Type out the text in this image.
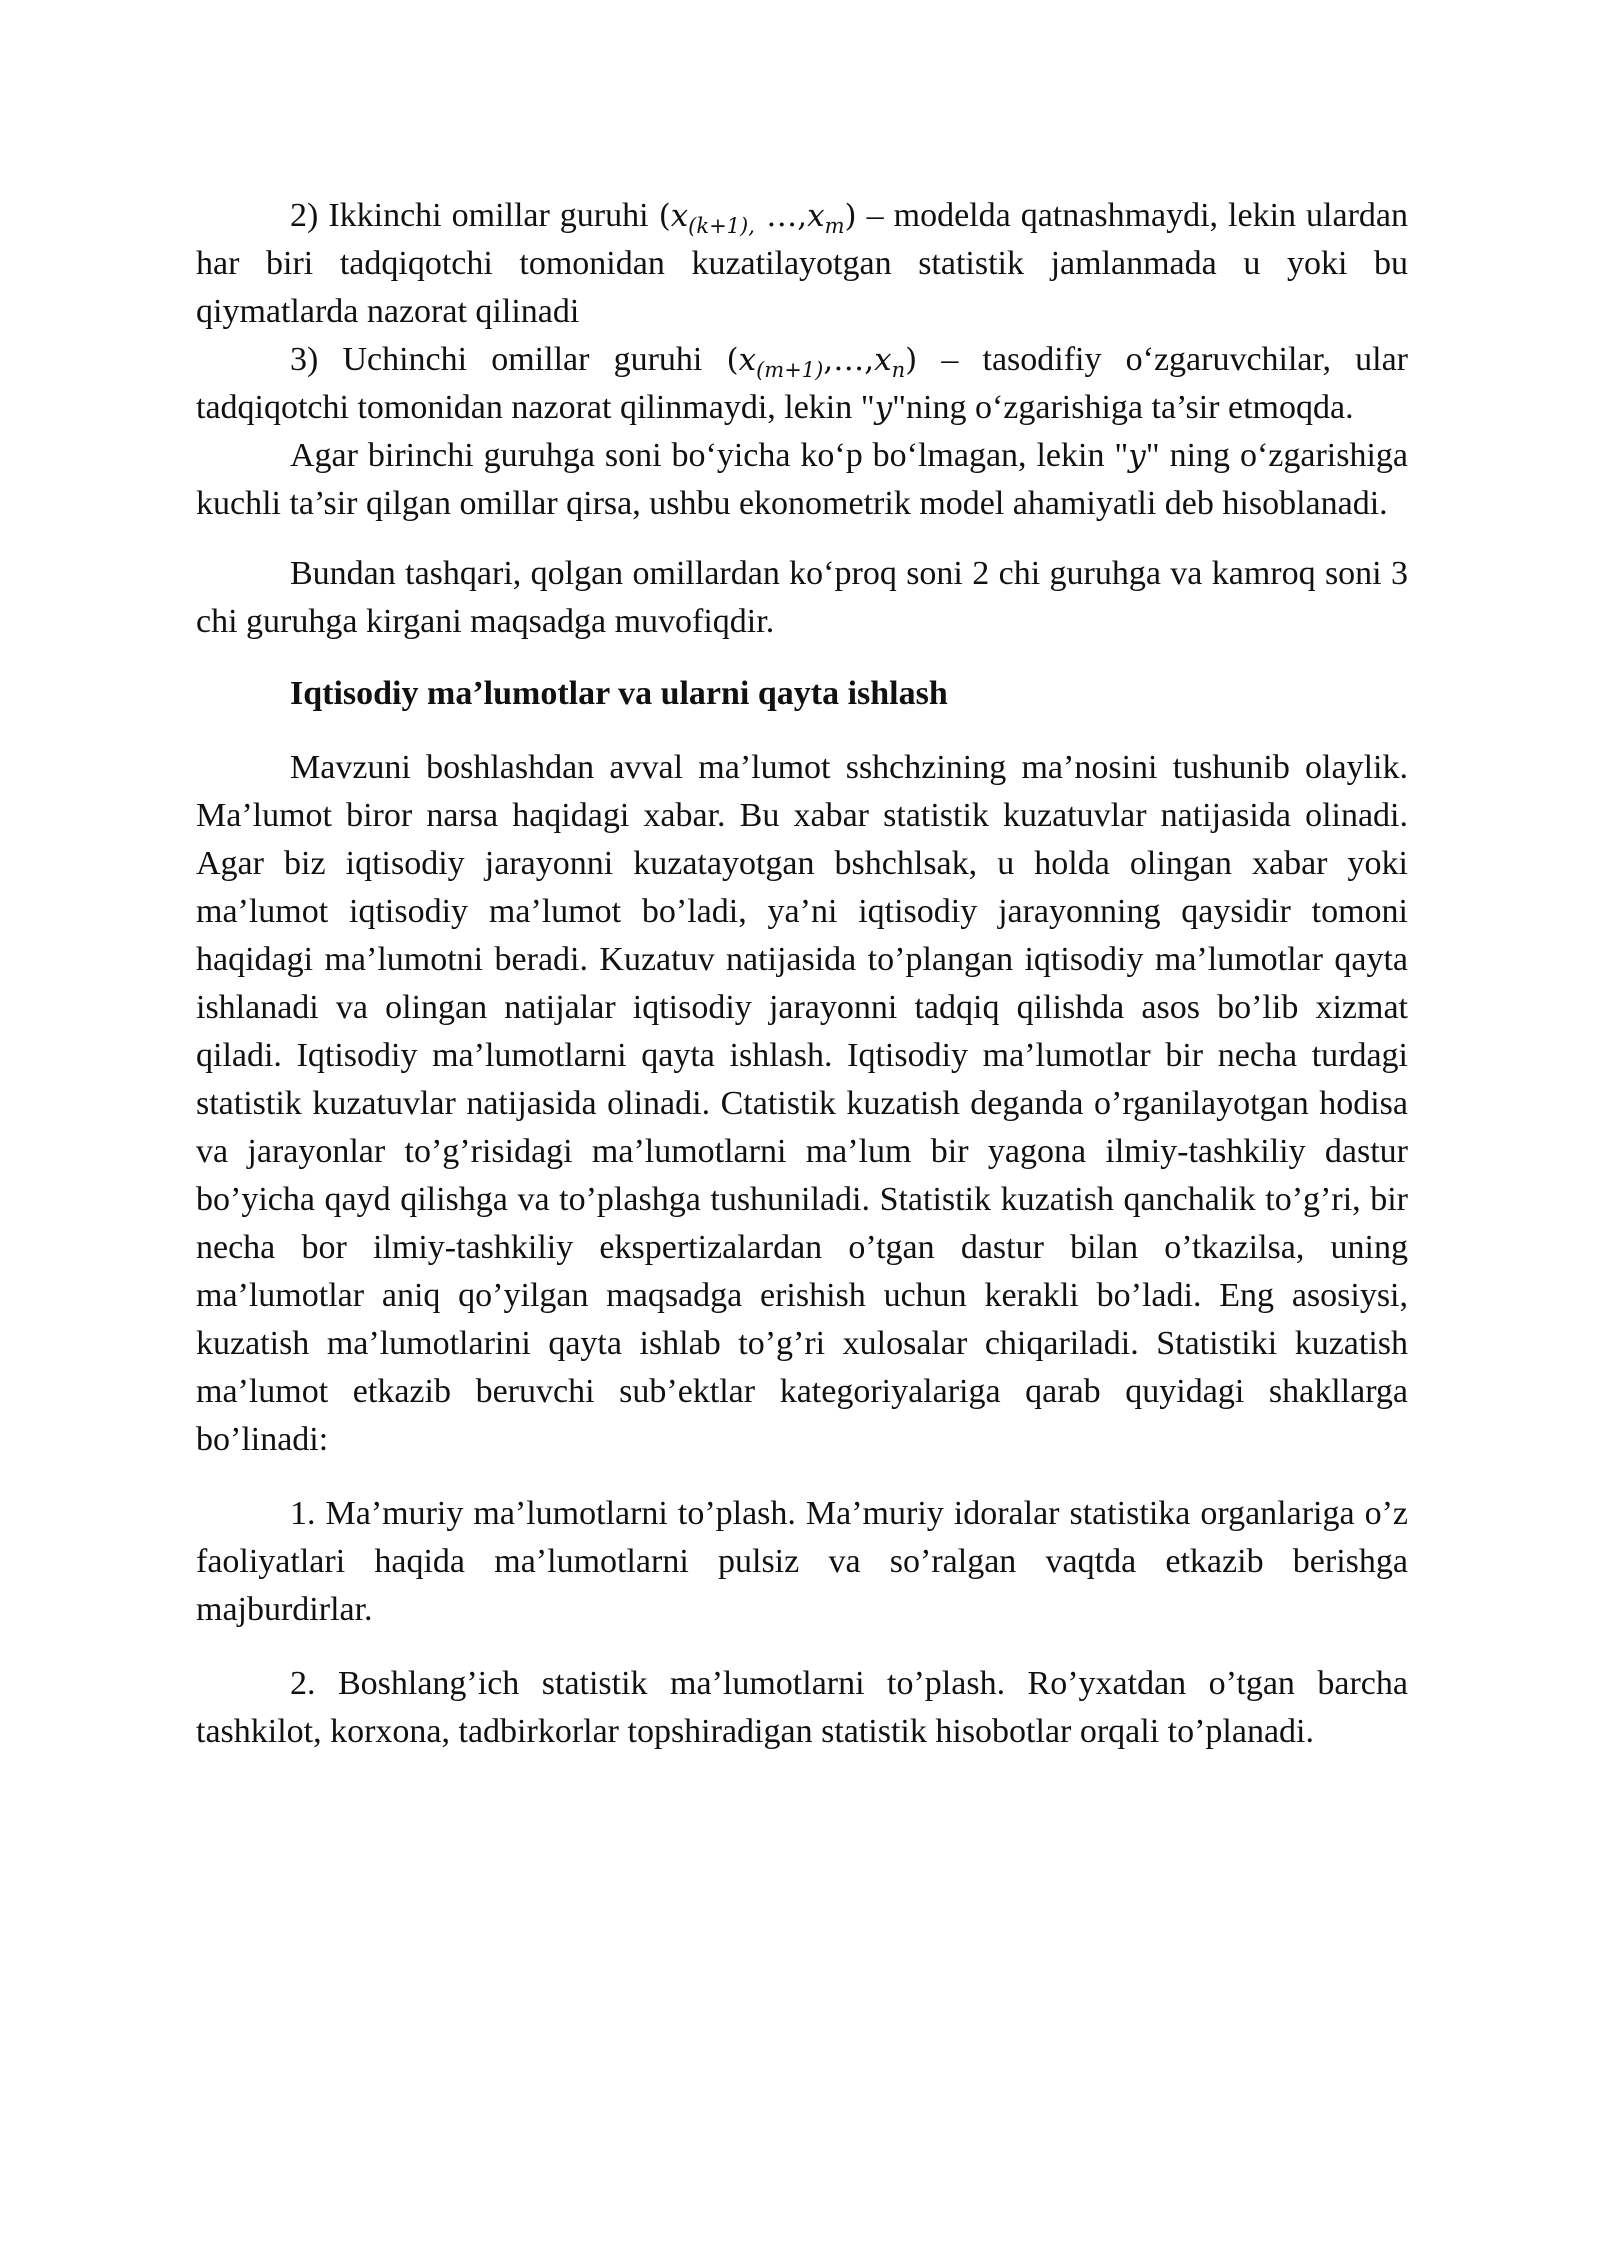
2) Ikkinchi omillar guruhi ($x_{(k+1),}$ $\dots,x_m$) – modelda qatnashmaydi, lekin ulardan har biri tadqiqotchi tomonidan kuzatilayotgan statistik jamlanmada u yoki bu qiymatlarda nazorat qilinadi

3) Uchinchi omillar guruhi $(x_{(m+1)},\dots,x_n)$ – tasodifiy o‘zgaruvchilar, ular tadqiqotchi tomonidan nazorat qilinmaydi, lekin "y"ning o‘zgarishiga ta’sir etmoqda.

Agar birinchi guruhga soni bo‘yicha ko‘p bo‘lmagan, lekin "y" ning o‘zgarishiga kuchli ta’sir qilgan omillar qirsa, ushbu ekonometrik model ahamiyatli deb hisoblanadi.

Bundan tashqari, qolgan omillardan ko‘proq soni 2 chi guruhga va kamroq soni 3 chi guruhga kirgani maqsadga muvofiqdir.

Iqtisodiy ma’lumotlar va ularni qayta ishlash

Mavzuni boshlashdan avval ma’lumot sshchzining ma’nosini tushunib olaylik. Ma’lumot biror narsa haqidagi xabar. Bu xabar statistik kuzatuvlar natijasida olinadi. Agar biz iqtisodiy jarayonni kuzatayotgan bshchlsak, u holda olingan xabar yoki ma’lumot iqtisodiy ma’lumot bo’ladi, ya’ni iqtisodiy jarayonning qaysidir tomoni haqidagi ma’lumotni beradi. Kuzatuv natijasida to’plangan iqtisodiy ma’lumotlar qayta ishlanadi va olingan natijalar iqtisodiy jarayonni tadqiq qilishda asos bo’lib xizmat qiladi. Iqtisodiy ma’lumotlarni qayta ishlash. Iqtisodiy ma’lumotlar bir necha turdagi statistik kuzatuvlar natijasida olinadi. Ctatistik kuzatish deganda o’rganilayotgan hodisa va jarayonlar to’g’risidagi ma’lumotlarni ma’lum bir yagona ilmiy-tashkiliy dastur bo’yicha qayd qilishga va to’plashga tushuniladi. Statistik kuzatish qanchalik to’g’ri, bir necha bor ilmiy-tashkiliy ekspertizalardan o’tgan dastur bilan o’tkazilsa, uning ma’lumotlar aniq qo’yilgan maqsadga erishish uchun kerakli bo’ladi. Eng asosiysi, kuzatish ma’lumotlarini qayta ishlab to’g’ri xulosalar chiqariladi. Statistiki kuzatish ma’lumot etkazib beruvchi sub’ektlar kategoriyalariga qarab quyidagi shakllarga bo’linadi:

1. Ma’muriy ma’lumotlarni to’plash. Ma’muriy idoralar statistika organlariga o’z faoliyatlari haqida ma’lumotlarni pulsiz va so’ralgan vaqtda etkazib berishga majburdirlar.

2. Boshlang’ich statistik ma’lumotlarni to’plash. Ro’yxatdan o’tgan barcha tashkilot, korxona, tadbirkorlar topshiradigan statistik hisobotlar orqali to’planadi.
